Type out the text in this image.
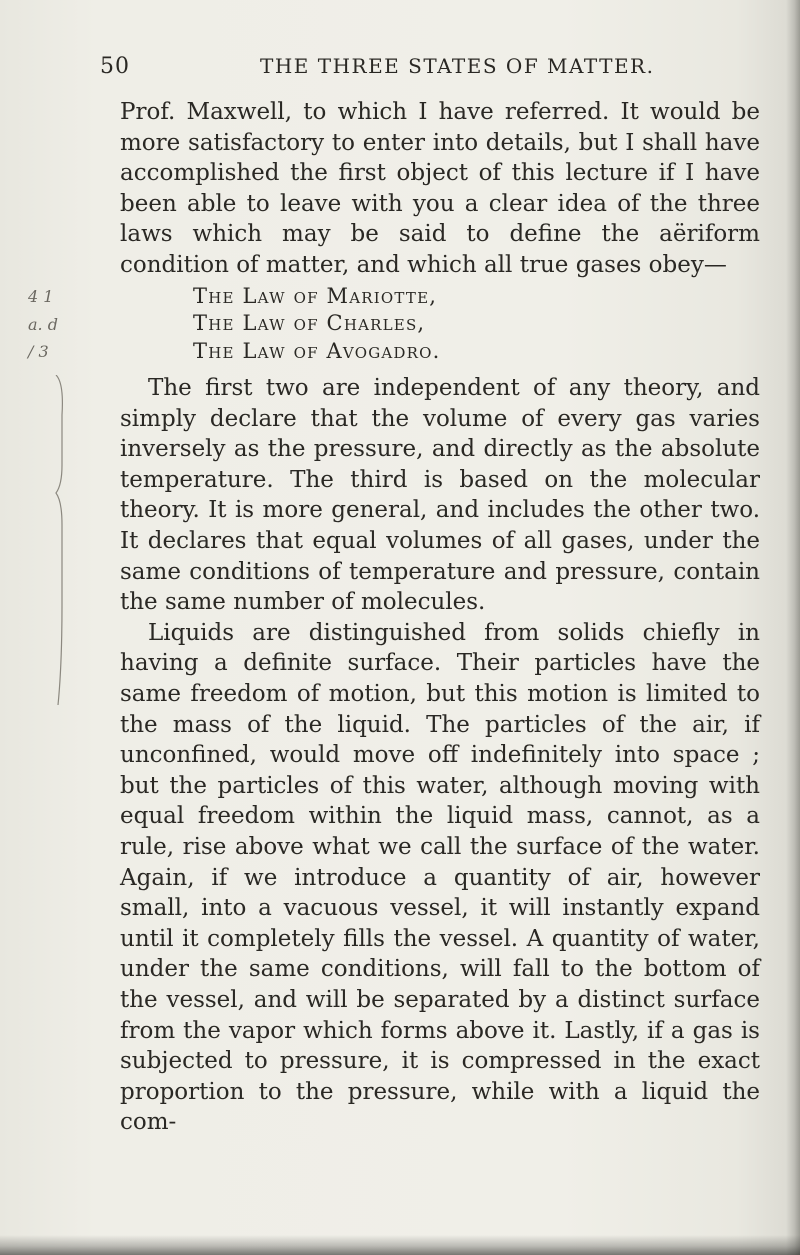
50	THE THREE STATES OF MATTER.
4 1
a. d
/ 3

Prof. Maxwell, to which I have referred. It would be more satisfactory to enter into details, but I shall have accomplished the first object of this lecture if I have been able to leave with you a clear idea of the three laws which may be said to define the aëriform condition of matter, and which all true gases obey—

The Law of Mariotte,
The Law of Charles,
The Law of Avogadro.

The first two are independent of any theory, and simply declare that the volume of every gas varies inversely as the pressure, and directly as the absolute temperature. The third is based on the molecular theory. It is more general, and includes the other two. It declares that equal volumes of all gases, under the same conditions of temperature and pressure, contain the same number of molecules.

Liquids are distinguished from solids chiefly in having a definite surface. Their particles have the same freedom of motion, but this motion is limited to the mass of the liquid. The particles of the air, if unconfined, would move off indefinitely into space ; but the particles of this water, although moving with equal freedom within the liquid mass, cannot, as a rule, rise above what we call the surface of the water. Again, if we introduce a quantity of air, however small, into a vacuous vessel, it will instantly expand until it completely fills the vessel. A quantity of water, under the same conditions, will fall to the bottom of the vessel, and will be separated by a distinct surface from the vapor which forms above it. Lastly, if a gas is subjected to pressure, it is compressed in the exact proportion to the pressure, while with a liquid the com-
